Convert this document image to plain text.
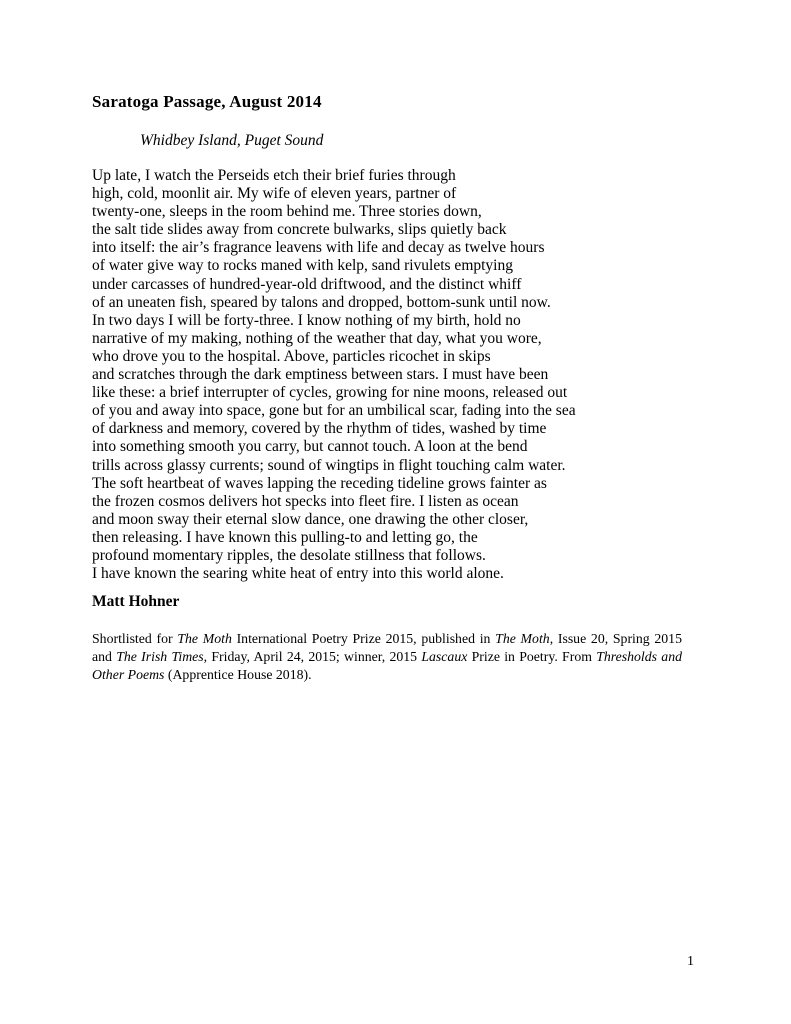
Saratoga Passage, August 2014
Whidbey Island, Puget Sound
Up late, I watch the Perseids etch their brief furies through
high, cold, moonlit air. My wife of eleven years, partner of
twenty-one, sleeps in the room behind me. Three stories down,
the salt tide slides away from concrete bulwarks, slips quietly back
into itself: the air’s fragrance leavens with life and decay as twelve hours
of water give way to rocks maned with kelp, sand rivulets emptying
under carcasses of hundred-year-old driftwood, and the distinct whiff
of an uneaten fish, speared by talons and dropped, bottom-sunk until now.
In two days I will be forty-three. I know nothing of my birth, hold no
narrative of my making, nothing of the weather that day, what you wore,
who drove you to the hospital. Above, particles ricochet in skips
and scratches through the dark emptiness between stars. I must have been
like these: a brief interrupter of cycles, growing for nine moons, released out
of you and away into space, gone but for an umbilical scar, fading into the sea
of darkness and memory, covered by the rhythm of tides, washed by time
into something smooth you carry, but cannot touch. A loon at the bend
trills across glassy currents; sound of wingtips in flight touching calm water.
The soft heartbeat of waves lapping the receding tideline grows fainter as
the frozen cosmos delivers hot specks into fleet fire. I listen as ocean
and moon sway their eternal slow dance, one drawing the other closer,
then releasing. I have known this pulling-to and letting go, the
profound momentary ripples, the desolate stillness that follows.
I have known the searing white heat of entry into this world alone.
Matt Hohner
Shortlisted for The Moth International Poetry Prize 2015, published in The Moth, Issue 20, Spring 2015 and The Irish Times, Friday, April 24, 2015; winner, 2015 Lascaux Prize in Poetry. From Thresholds and Other Poems (Apprentice House 2018).
1
